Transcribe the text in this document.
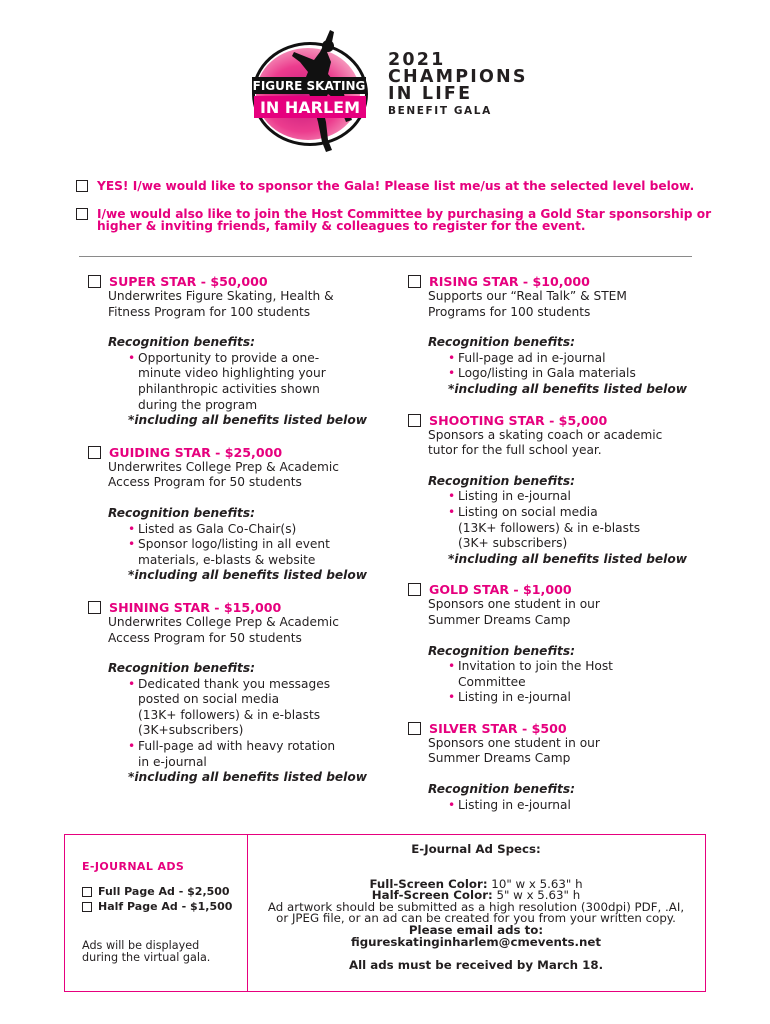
FIGURE SKATING
IN HARLEM
2021
CHAMPIONS
IN LIFE
BENEFIT GALA
YES! I/we would like to sponsor the Gala! Please list me/us at the selected level below.
I/we would also like to join the Host Committee by purchasing a Gold Star sponsorship or higher & inviting friends, family & colleagues to register for the event.
SUPER STAR - $50,000
Underwrites Figure Skating, Health &
Fitness Program for 100 students
Recognition benefits:
• Opportunity to provide a one-
minute video highlighting your
philanthropic activities shown
during the program
*including all benefits listed below
GUIDING STAR - $25,000
Underwrites College Prep & Academic
Access Program for 50 students
Recognition benefits:
• Listed as Gala Co-Chair(s)
• Sponsor logo/listing in all event
materials, e-blasts & website
*including all benefits listed below
SHINING STAR - $15,000
Underwrites College Prep & Academic
Access Program for 50 students
Recognition benefits:
• Dedicated thank you messages
posted on social media
(13K+ followers) & in e-blasts
(3K+subscribers)
• Full-page ad with heavy rotation
in e-journal
*including all benefits listed below
RISING STAR - $10,000
Supports our “Real Talk” & STEM
Programs for 100 students
Recognition benefits:
• Full-page ad in e-journal
• Logo/listing in Gala materials
*including all benefits listed below
SHOOTING STAR - $5,000
Sponsors a skating coach or academic
tutor for the full school year.
Recognition benefits:
• Listing in e-journal
• Listing on social media
(13K+ followers) & in e-blasts
(3K+ subscribers)
*including all benefits listed below
GOLD STAR - $1,000
Sponsors one student in our
Summer Dreams Camp
Recognition benefits:
• Invitation to join the Host
Committee
• Listing in e-journal
SILVER STAR - $500
Sponsors one student in our
Summer Dreams Camp
Recognition benefits:
• Listing in e-journal
E-JOURNAL ADS
Full Page Ad - $2,500
Half Page Ad - $1,500
Ads will be displayed
during the virtual gala.
E-Journal Ad Specs:
Full-Screen Color: 10" w x 5.63" h
Half-Screen Color: 5" w x 5.63" h
Ad artwork should be submitted as a high resolution (300dpi) PDF, .AI,
or JPEG file, or an ad can be created for you from your written copy.
Please email ads to:
figureskatinginharlem@cmevents.net
All ads must be received by March 18.
